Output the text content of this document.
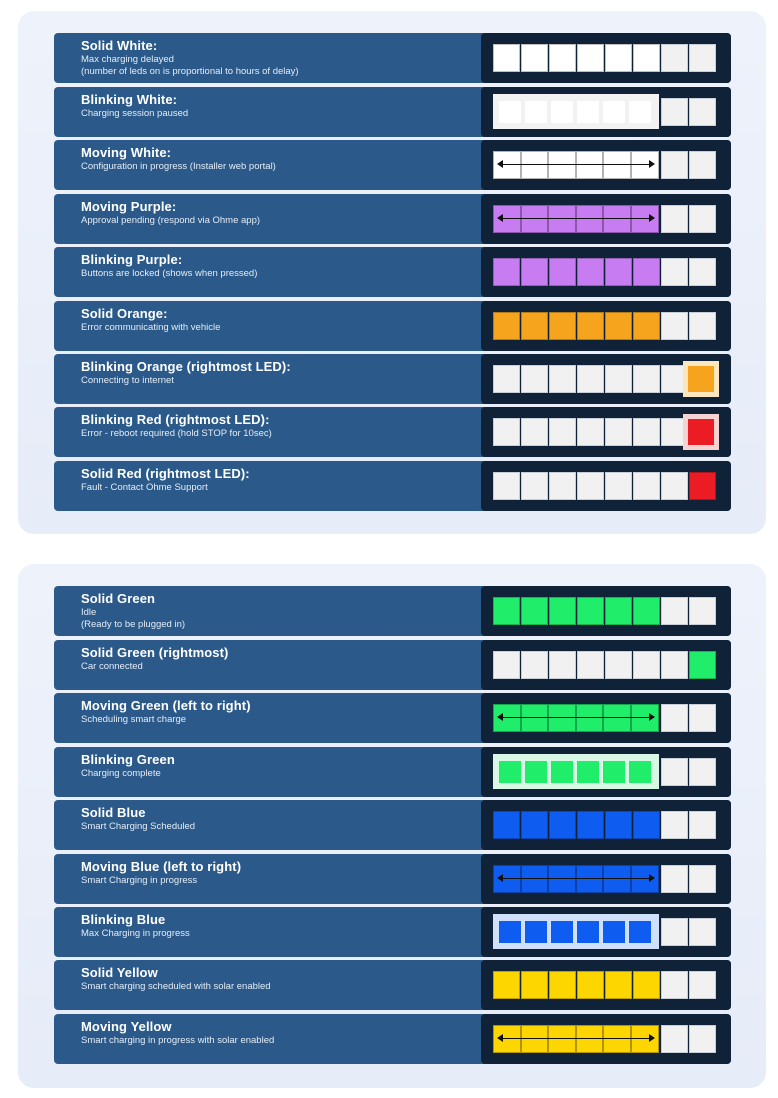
Solid White:
Max charging delayed
(number of leds on is proportional to hours of delay)
Blinking White:
Charging session paused
Moving White:
Configuration in progress (Installer web portal)
Moving Purple:
Approval pending (respond via Ohme app)
Blinking Purple:
Buttons are locked (shows when pressed)
Solid Orange:
Error communicating with vehicle
Blinking Orange (rightmost LED):
Connecting to internet
Blinking Red (rightmost LED):
Error - reboot required (hold STOP for 10sec)
Solid Red (rightmost LED):
Fault - Contact Ohme Support
Solid Green
Idle
(Ready to be plugged in)
Solid Green (rightmost)
Car connected
Moving Green (left to right)
Scheduling smart charge
Blinking Green
Charging complete
Solid Blue
Smart Charging Scheduled
Moving Blue (left to right)
Smart Charging in progress
Blinking Blue
Max Charging in progress
Solid Yellow
Smart charging scheduled with solar enabled
Moving Yellow
Smart charging in progress with solar enabled
